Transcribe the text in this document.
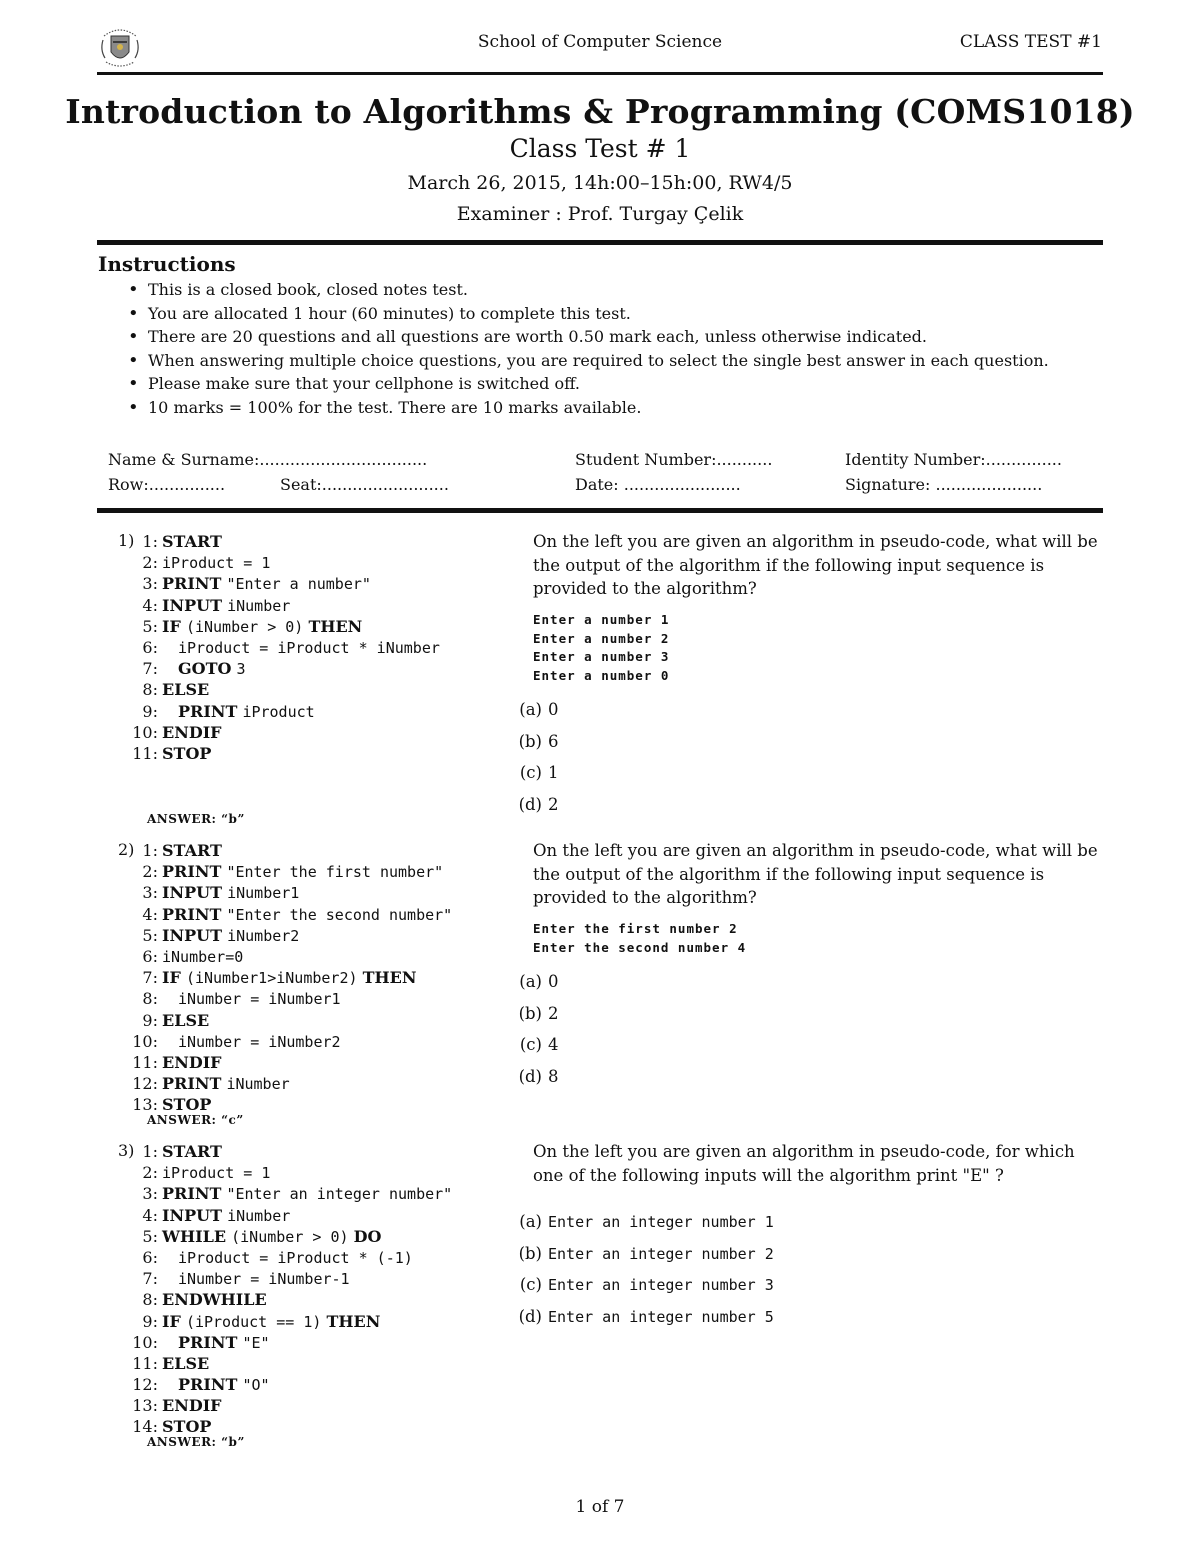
School of Computer Science	CLASS TEST #1
Introduction to Algorithms & Programming (COMS1018)
Class Test # 1
March 26, 2015, 14h:00–15h:00, RW4/5
Examiner : Prof. Turgay Çelik
Instructions
• This is a closed book, closed notes test.
• You are allocated 1 hour (60 minutes) to complete this test.
• There are 20 questions and all questions are worth 0.50 mark each, unless otherwise indicated.
• When answering multiple choice questions, you are required to select the single best answer in each question.
• Please make sure that your cellphone is switched off.
• 10 marks = 100% for the test. There are 10 marks available.
Name & Surname:.................................	Student Number:...........	Identity Number:...............
Row:...............	Seat:.........................	Date: .......................	Signature: .....................
1) 1: START
2: iProduct = 1
3: PRINT "Enter a number"
4: INPUT iNumber
5: IF (iNumber > 0) THEN
6: iProduct = iProduct * iNumber
7: GOTO 3
8: ELSE
9: PRINT iProduct
10: ENDIF
11: STOP
ANSWER: “b”
On the left you are given an algorithm in pseudo-code, what will be the output of the algorithm if the following input sequence is provided to the algorithm?
Enter a number 1
Enter a number 2
Enter a number 3
Enter a number 0
(a) 0
(b) 6
(c) 1
(d) 2
2) 1: START
2: PRINT "Enter the first number"
3: INPUT iNumber1
4: PRINT "Enter the second number"
5: INPUT iNumber2
6: iNumber=0
7: IF (iNumber1>iNumber2) THEN
8: iNumber = iNumber1
9: ELSE
10: iNumber = iNumber2
11: ENDIF
12: PRINT iNumber
13: STOP
ANSWER: “c”
On the left you are given an algorithm in pseudo-code, what will be the output of the algorithm if the following input sequence is provided to the algorithm?
Enter the first number 2
Enter the second number 4
(a) 0
(b) 2
(c) 4
(d) 8
3) 1: START
2: iProduct = 1
3: PRINT "Enter an integer number"
4: INPUT iNumber
5: WHILE (iNumber > 0) DO
6: iProduct = iProduct * (-1)
7: iNumber = iNumber-1
8: ENDWHILE
9: IF (iProduct == 1) THEN
10: PRINT "E"
11: ELSE
12: PRINT "O"
13: ENDIF
14: STOP
ANSWER: “b”
On the left you are given an algorithm in pseudo-code, for which one of the following inputs will the algorithm print "E" ?
(a) Enter an integer number 1
(b) Enter an integer number 2
(c) Enter an integer number 3
(d) Enter an integer number 5
1 of 7
